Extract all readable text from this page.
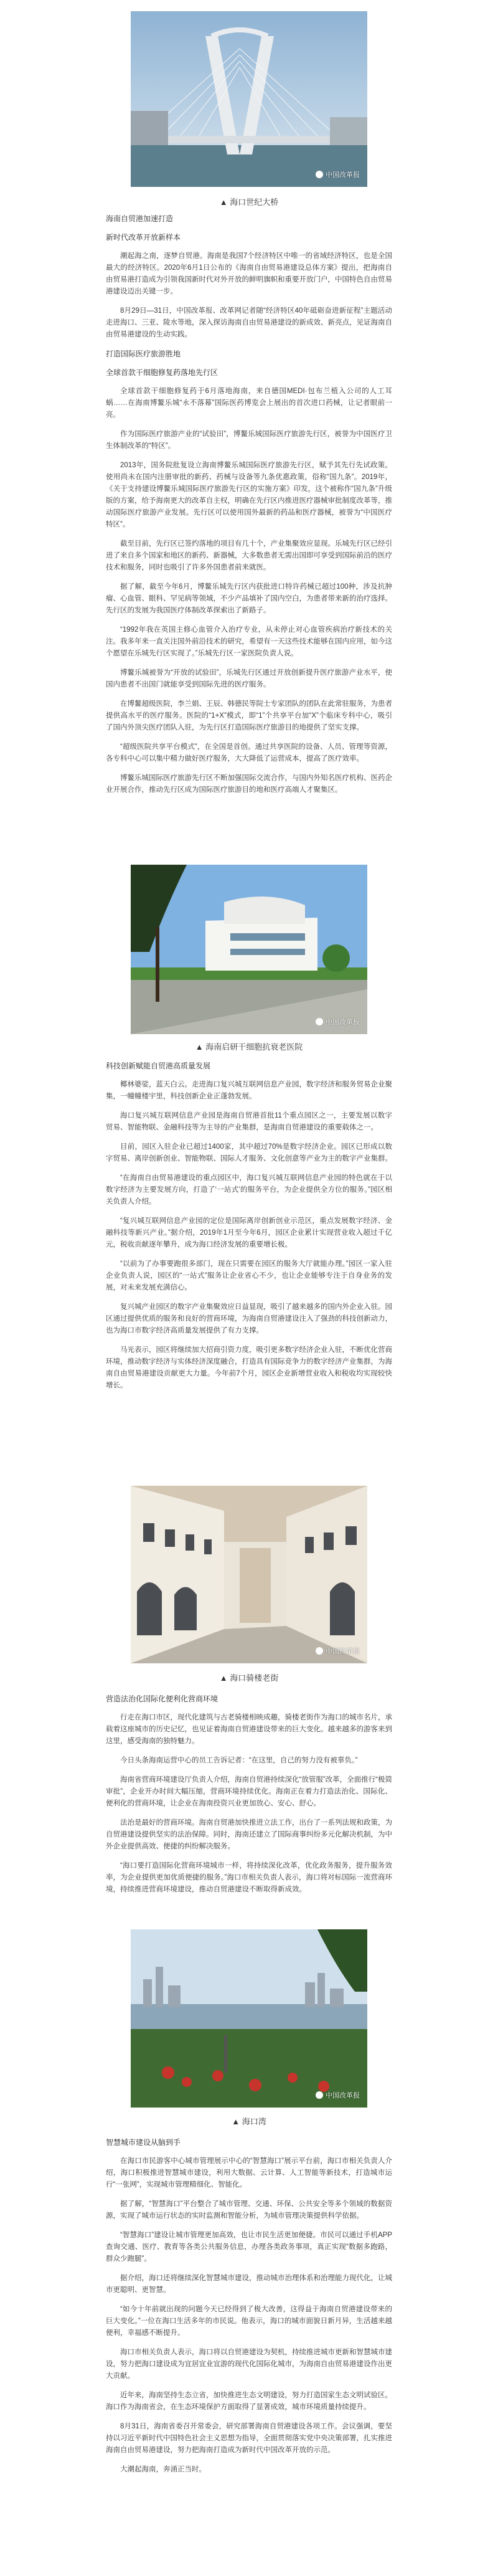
中国改革报
▲ 海口世纪大桥
海南自贸港加速打造
新时代改革开放新样本

潮起海之南，逐梦自贸港。海南是我国7个经济特区中唯一的省域经济特区，也是全国最大的经济特区。2020年6月1日公布的《海南自由贸易港建设总体方案》提出，把海南自由贸易港打造成为引领我国新时代对外开放的鲜明旗帜和重要开放门户，中国特色自由贸易港建设迈出关键一步。

8月29日—31日，中国改革报、改革网记者随“经济特区40年砥砺奋进新征程”主题活动走进海口、三亚、陵水等地，深入探访海南自由贸易港建设的新成效、新亮点，见证海南自由贸易港建设的生动实践。

打造国际医疗旅游胜地
全球首款干细胞修复药落地先行区

全球首款干细胞修复药于6月落地海南，来自德国MEDI·包布兰植入公司的人工耳蜗……在海南博鳌乐城“永不落幕”国际医药博览会上展出的首次进口药械，让记者眼前一亮。

作为国际医疗旅游产业的“试验田”，博鳌乐城国际医疗旅游先行区，被誉为中国医疗卫生体制改革的“特区”。

2013年，国务院批复设立海南博鳌乐城国际医疗旅游先行区，赋予其先行先试政策。使用尚未在国内注册审批的新药、药械与设备等九条优惠政策，俗称“国九条”。2019年，《关于支持建设博鳌乐城国际医疗旅游先行区的实施方案》印发，这个被称作“国九条”升级版的方案，给予海南更大的改革自主权，明确在先行区内推进医疗器械审批制度改革等，推动国际医疗旅游产业发展。先行区可以使用国外最新的药品和医疗器械，被誉为“中国医疗特区”。

截至目前，先行区已签约落地的项目有几十个，产业集聚效应显现。乐城先行区已经引进了来自多个国家和地区的新药、新器械，大多数患者无需出国即可享受到国际前沿的医疗技术和服务，同时也吸引了许多外国患者前来就医。

据了解，截至今年6月，博鳌乐城先行区内获批进口特许药械已超过100种，涉及抗肿瘤、心血管、眼科、罕见病等领域，不少产品填补了国内空白，为患者带来新的治疗选择。先行区的发展为我国医疗体制改革探索出了新路子。

“1992年我在英国主修心血管介入治疗专业，从未停止对心血管疾病治疗新技术的关注。我多年来一直关注国外前沿技术的研究，希望有一天这些技术能够在国内应用，如今这个愿望在乐城先行区实现了。”乐城先行区一家医院负责人说。

博鳌乐城被誉为“开放的试验田”，乐城先行区通过开放创新提升医疗旅游产业水平，使国内患者不出国门就能享受到国际先进的医疗服务。

在博鳌超级医院，李兰娟、王辰、韩德民等院士专家团队的团队在此常驻服务，为患者提供高水平的医疗服务。医院的“1+X”模式，即“1”个共享平台加“X”个临床专科中心，吸引了国内外顶尖医疗团队入驻，为先行区打造国际医疗旅游目的地提供了坚实支撑。

“超级医院共享平台模式”，在全国是首创。通过共享医院的设备、人员、管理等资源，各专科中心可以集中精力做好医疗服务，大大降低了运营成本，提高了医疗效率。

博鳌乐城国际医疗旅游先行区不断加强国际交流合作，与国内外知名医疗机构、医药企业开展合作，推动先行区成为国际医疗旅游目的地和医疗高端人才聚集区。

中国改革报
▲ 海南启研干细胞抗衰老医院
科技创新赋能自贸港高质量发展

椰林婆娑，蓝天白云。走进海口复兴城互联网信息产业园，数字经济和服务贸易企业聚集，一幢幢楼宇里，科技创新企业正蓬勃发展。

海口复兴城互联网信息产业园是海南自贸港首批11个重点园区之一，主要发展以数字贸易、智能物联、金融科技等为主导的产业集群，是海南自贸港建设的重要载体之一。

目前，园区入驻企业已超过1400家，其中超过70%是数字经济企业。园区已形成以数字贸易、离岸创新创业、智能物联、国际人才服务、文化创意等产业为主的数字产业集群。

“在海南自由贸易港建设的重点园区中，海口复兴城互联网信息产业园的特色就在于以数字经济为主要发展方向，打造了‘一站式’的服务平台，为企业提供全方位的服务。”园区相关负责人介绍。

“复兴城互联网信息产业园的定位是国际离岸创新创业示范区，重点发展数字经济、金融科技等新兴产业。”据介绍，2019年1月至今年6月，园区企业累计实现营业收入超过千亿元，税收贡献逐年攀升，成为海口经济发展的重要增长极。

“以前为了办事要跑很多部门，现在只需要在园区的服务大厅就能办理。”园区一家入驻企业负责人说，园区的“一站式”服务让企业省心不少，也让企业能够专注于自身业务的发展，对未来发展充满信心。

复兴城产业园区的数字产业集聚效应日益显现，吸引了越来越多的国内外企业入驻。园区通过提供优质的服务和良好的营商环境，为海南自贸港建设注入了强劲的科技创新动力，也为海口市数字经济高质量发展提供了有力支撑。

马光表示，园区将继续加大招商引资力度，吸引更多数字经济企业入驻，不断优化营商环境，推动数字经济与实体经济深度融合，打造具有国际竞争力的数字经济产业集群，为海南自由贸易港建设贡献更大力量。今年前7个月，园区企业新增营业收入和税收均实现较快增长。

中国改革报
▲ 海口骑楼老街
营造法治化国际化便利化营商环境

行走在海口市区，现代化建筑与古老骑楼相映成趣，骑楼老街作为海口的城市名片，承载着这座城市的历史记忆，也见证着海南自贸港建设带来的巨大变化。越来越多的游客来到这里，感受海南的独特魅力。

今日头条海南运营中心的员工告诉记者：“在这里，自己的努力没有被辜负。”

海南省营商环境建设厅负责人介绍，海南自贸港持续深化“放管服”改革，全面推行“极简审批”，企业开办时间大幅压缩，营商环境持续优化。海南正在着力打造法治化、国际化、便利化的营商环境，让企业在海南投资兴业更加放心、安心、舒心。

法治是最好的营商环境。海南自贸港加快推进立法工作，出台了一系列法规和政策，为自贸港建设提供坚实的法治保障。同时，海南还建立了国际商事纠纷多元化解决机制，为中外企业提供高效、便捷的纠纷解决服务。

“海口要打造国际化营商环境城市一样，将持续深化改革，优化政务服务，提升服务效率，为企业提供更加优质便捷的服务。”海口市相关负责人表示，海口将对标国际一流营商环境，持续推进营商环境建设，推动自贸港建设不断取得新成效。

中国改革报
▲ 海口湾
智慧城市建设从脑到手

在海口市民游客中心城市管理展示中心的“智慧海口”展示平台前，海口市相关负责人介绍，海口积极推进智慧城市建设，利用大数据、云计算、人工智能等新技术，打造城市运行“一张网”，实现城市管理精细化、智能化。

据了解，“智慧海口”平台整合了城市管理、交通、环保、公共安全等多个领域的数据资源，实现了城市运行状态的实时监测和智能分析，为城市管理决策提供科学依据。

“智慧海口”建设让城市管理更加高效，也让市民生活更加便捷。市民可以通过手机APP查询交通、医疗、教育等各类公共服务信息，办理各类政务事项，真正实现“数据多跑路，群众少跑腿”。

据介绍，海口还将继续深化智慧城市建设，推动城市治理体系和治理能力现代化，让城市更聪明、更智慧。

“如今十年前就出现的问题今天已经得到了极大改善，这得益于海南自贸港建设带来的巨大变化。”一位在海口生活多年的市民说。他表示，海口的城市面貌日新月异，生活越来越便利，幸福感不断提升。

海口市相关负责人表示，海口将以自贸港建设为契机，持续推进城市更新和智慧城市建设，努力把海口建设成为宜居宜业宜游的现代化国际化城市，为海南自由贸易港建设作出更大贡献。

近年来，海南坚持生态立省，加快推进生态文明建设，努力打造国家生态文明试验区。海口作为海南省会，在生态环境保护方面取得了显著成效，城市环境质量持续提升。

8月31日，海南省委召开常委会，研究部署海南自贸港建设各项工作。会议强调，要坚持以习近平新时代中国特色社会主义思想为指导，全面贯彻落实党中央决策部署，扎实推进海南自由贸易港建设，努力把海南打造成为新时代中国改革开放的示范。

大潮起海南，奔涌正当时。
